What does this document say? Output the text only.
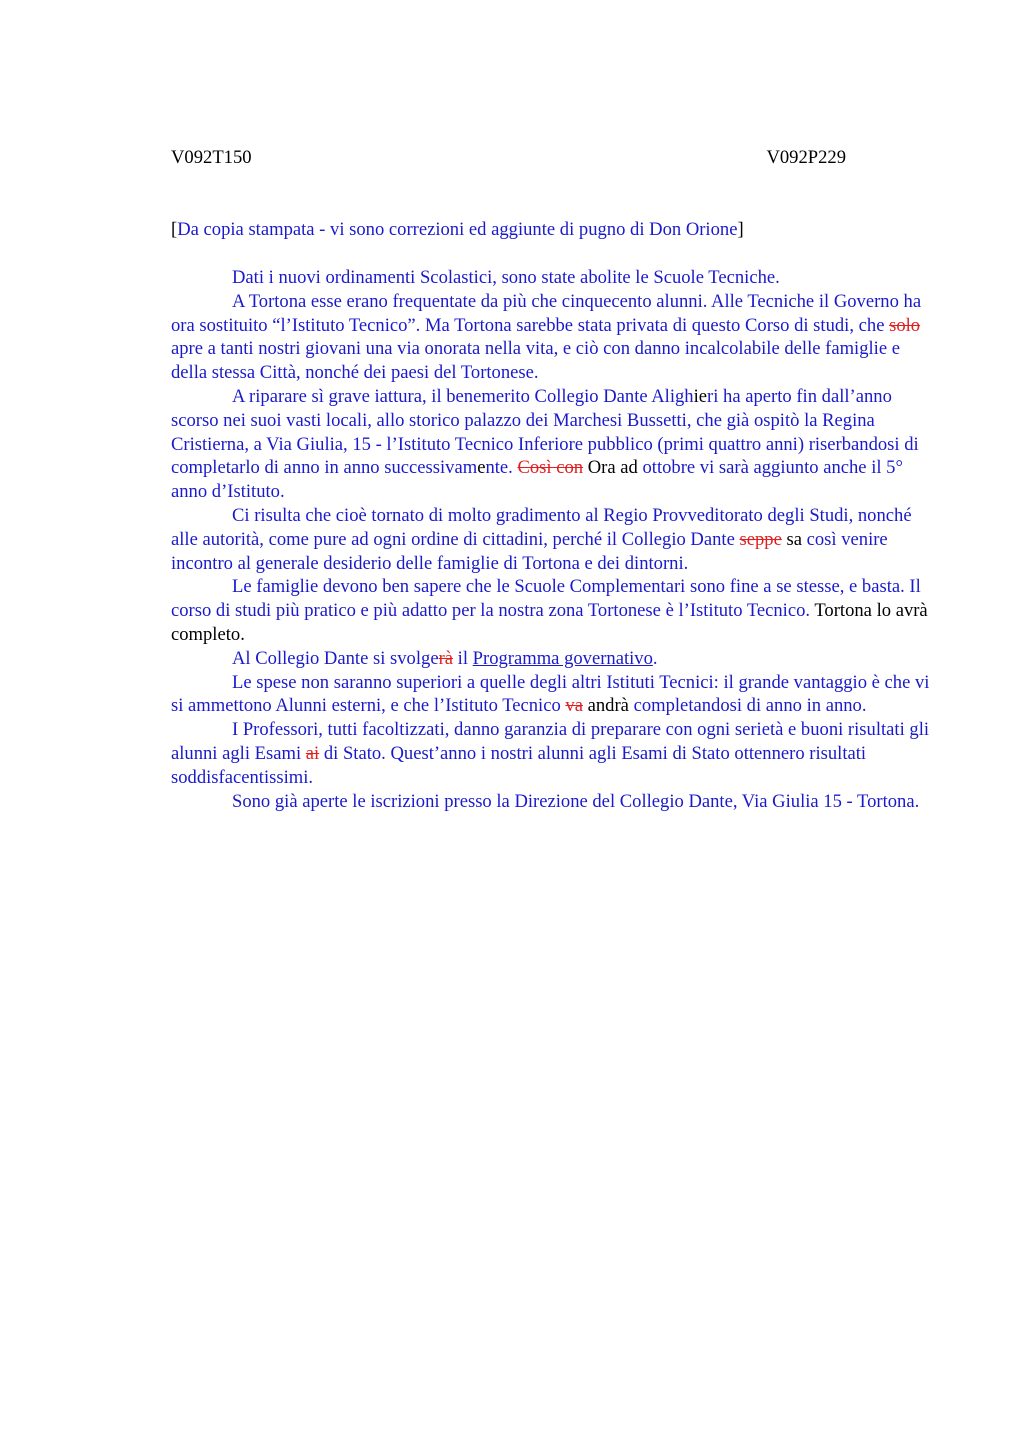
V092T150	V092P229
[Da copia stampata - vi sono correzioni ed aggiunte di pugno di Don Orione]

Dati i nuovi ordinamenti Scolastici, sono state abolite le Scuole Tecniche.

A Tortona esse erano frequentate da più che cinquecento alunni. Alle Tecniche il Governo ha ora sostituito “l’Istituto Tecnico”. Ma Tortona sarebbe stata privata di questo Corso di studi, che solo apre a tanti nostri giovani una via onorata nella vita, e ciò con danno incalcolabile delle famiglie e della stessa Città, nonché dei paesi del Tortonese.

A riparare sì grave iattura, il benemerito Collegio Dante Alighieri ha aperto fin dall’anno scorso nei suoi vasti locali, allo storico palazzo dei Marchesi Bussetti, che già ospitò la Regina Cristierna, a Via Giulia, 15 - l’Istituto Tecnico Inferiore pubblico (primi quattro anni) riserbandosi di completarlo di anno in anno successivamente. Così con Ora ad ottobre vi sarà aggiunto anche il 5° anno d’Istituto.

Ci risulta che cioè tornato di molto gradimento al Regio Provveditorato degli Studi, nonché alle autorità, come pure ad ogni ordine di cittadini, perché il Collegio Dante seppe sa così venire incontro al generale desiderio delle famiglie di Tortona e dei dintorni.

Le famiglie devono ben sapere che le Scuole Complementari sono fine a se stesse, e basta. Il corso di studi più pratico e più adatto per la nostra zona Tortonese è l’Istituto Tecnico. Tortona lo avrà completo.

Al Collegio Dante si svolgerà il Programma governativo.

Le spese non saranno superiori a quelle degli altri Istituti Tecnici: il grande vantaggio è che vi si ammettono Alunni esterni, e che l’Istituto Tecnico va andrà completandosi di anno in anno.

I Professori, tutti facoltizzati, danno garanzia di preparare con ogni serietà e buoni risultati gli alunni agli Esami ai di Stato. Quest’anno i nostri alunni agli Esami di Stato ottennero risultati soddisfacentissimi.

Sono già aperte le iscrizioni presso la Direzione del Collegio Dante, Via Giulia 15 - Tortona.
